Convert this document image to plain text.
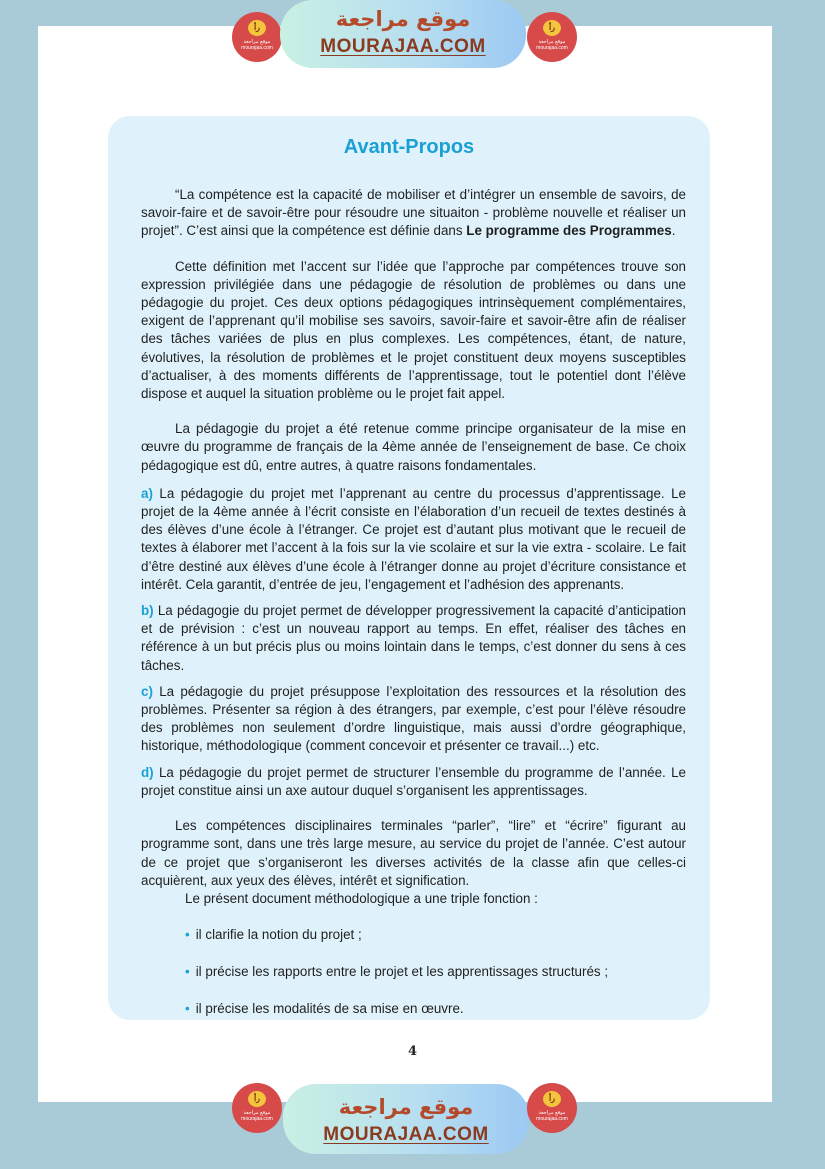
رأ
موقع مراجعة
mourajaa.com
موقع مراجعة
MOURAJAA.COM
رأ
موقع مراجعة
mourajaa.com
Avant-Propos

“La compétence est la capacité de mobiliser et d’intégrer un ensemble de savoirs, de savoir-faire et de savoir-être pour résoudre une situaiton - problème nouvelle et réaliser un projet”. C’est ainsi que la compétence est définie dans Le programme des Programmes.

Cette définition met l’accent sur l’idée que l’approche par compétences trouve son expression privilégiée dans une pédagogie de résolution de problèmes ou dans une pédagogie du projet. Ces deux options pédagogiques intrinsèquement complémentaires, exigent de l’apprenant qu’il mobilise ses savoirs, savoir-faire et savoir-être afin de réaliser des tâches variées de plus en plus complexes. Les compétences, étant, de nature, évolutives, la résolution de problèmes et le projet constituent deux moyens susceptibles d’actualiser, à des moments différents de l’apprentissage, tout le potentiel dont l’élève dispose et auquel la situation problème ou le projet fait appel.

La pédagogie du projet a été retenue comme principe organisateur de la mise en œuvre du programme de français de la 4ème année de l’enseignement de base. Ce choix pédagogique est dû, entre autres, à quatre raisons fondamentales.

a) La pédagogie du projet met l’apprenant au centre du processus d’apprentissage. Le projet de la 4ème année à l’écrit consiste en l’élaboration d’un recueil de textes destinés à des élèves d’une école à l’étranger. Ce projet est d’autant plus motivant que le recueil de textes à élaborer met l’accent à la fois sur la vie scolaire et sur la vie extra - scolaire. Le fait d’être destiné aux élèves d’une école à l’étranger donne au projet d’écriture consistance et intérêt. Cela garantit, d’entrée de jeu, l’engagement et l’adhésion des apprenants.

b) La pédagogie du projet permet de développer progressivement la capacité d’anticipation et de prévision : c’est un nouveau rapport au temps. En effet, réaliser des tâches en référence à un but précis plus ou moins lointain dans le temps, c’est donner du sens à ces tâches.

c) La pédagogie du projet présuppose l’exploitation des ressources et la résolution des problèmes. Présenter sa région à des étrangers, par exemple, c’est pour l’élève résoudre des problèmes non seulement d’ordre linguistique, mais aussi d’ordre géographique, historique, méthodologique (comment concevoir et présenter ce travail...) etc.

d) La pédagogie du projet permet de structurer l’ensemble du programme de l’année. Le projet constitue ainsi un axe autour duquel s’organisent les apprentissages.

Les compétences disciplinaires terminales “parler”, “lire” et “écrire” figurant au programme sont, dans une très large mesure, au service du projet de l’année. C’est autour de ce projet que s’organiseront les diverses activités de la classe afin que celles-ci acquièrent, aux yeux des élèves, intérêt et signification.

Le présent document méthodologique a une triple fonction :

• il clarifie la notion du projet ;

• il précise les rapports entre le projet et les apprentissages structurés ;

• il précise les modalités de sa mise en œuvre.

4
رأ
موقع مراجعة
mourajaa.com	موقع مراجعة
MOURAJAA.COM
رأ
موقع مراجعة
mourajaa.com
